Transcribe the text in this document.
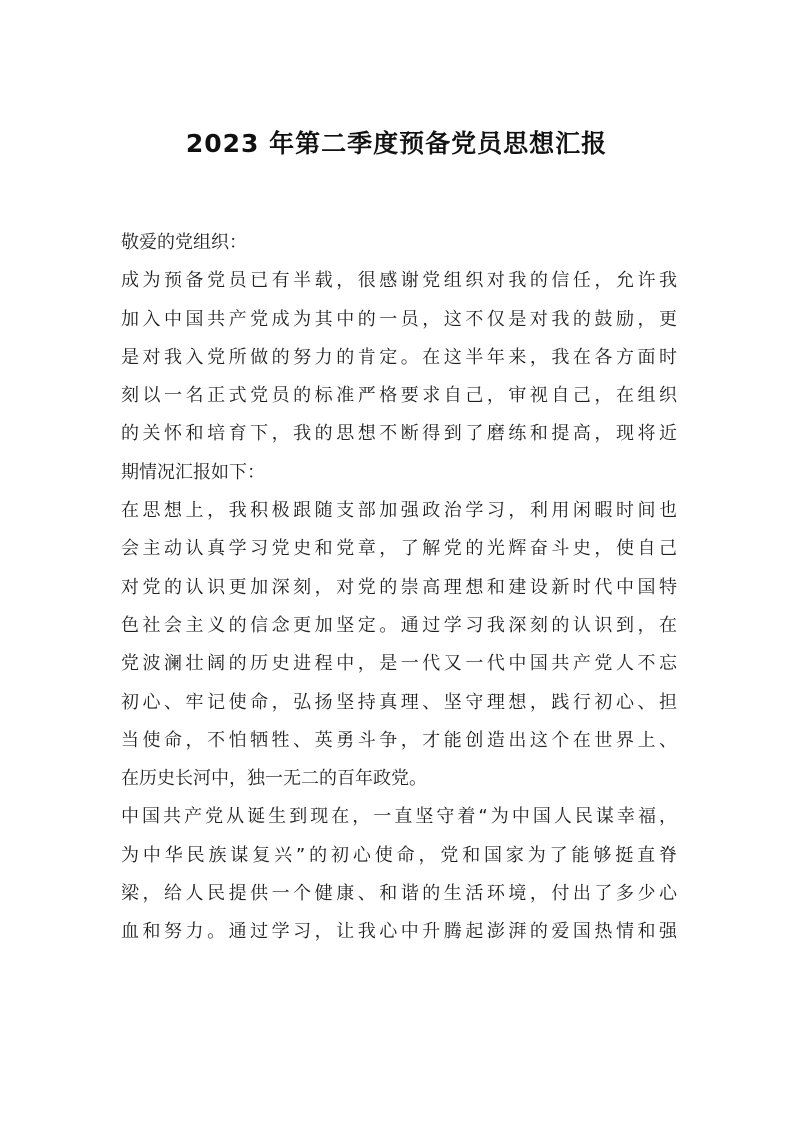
2023 年第二季度预备党员思想汇报
敬爱的党组织：
成为预备党员已有半载，很感谢党组织对我的信任，允许我
加入中国共产党成为其中的一员，这不仅是对我的鼓励，更
是对我入党所做的努力的肯定。在这半年来，我在各方面时
刻以一名正式党员的标准严格要求自己，审视自己，在组织
的关怀和培育下，我的思想不断得到了磨练和提高，现将近
期情况汇报如下：
在思想上，我积极跟随支部加强政治学习，利用闲暇时间也
会主动认真学习党史和党章，了解党的光辉奋斗史，使自己
对党的认识更加深刻，对党的崇高理想和建设新时代中国特
色社会主义的信念更加坚定。通过学习我深刻的认识到，在
党波澜壮阔的历史进程中，是一代又一代中国共产党人不忘
初心、牢记使命，弘扬坚持真理、坚守理想，践行初心、担
当使命，不怕牺牲、英勇斗争，才能创造出这个在世界上、
在历史长河中，独一无二的百年政党。
中国共产党从诞生到现在，一直坚守着“为中国人民谋幸福，
为中华民族谋复兴”的初心使命，党和国家为了能够挺直脊
梁，给人民提供一个健康、和谐的生活环境，付出了多少心
血和努力。通过学习，让我心中升腾起澎湃的爱国热情和强
